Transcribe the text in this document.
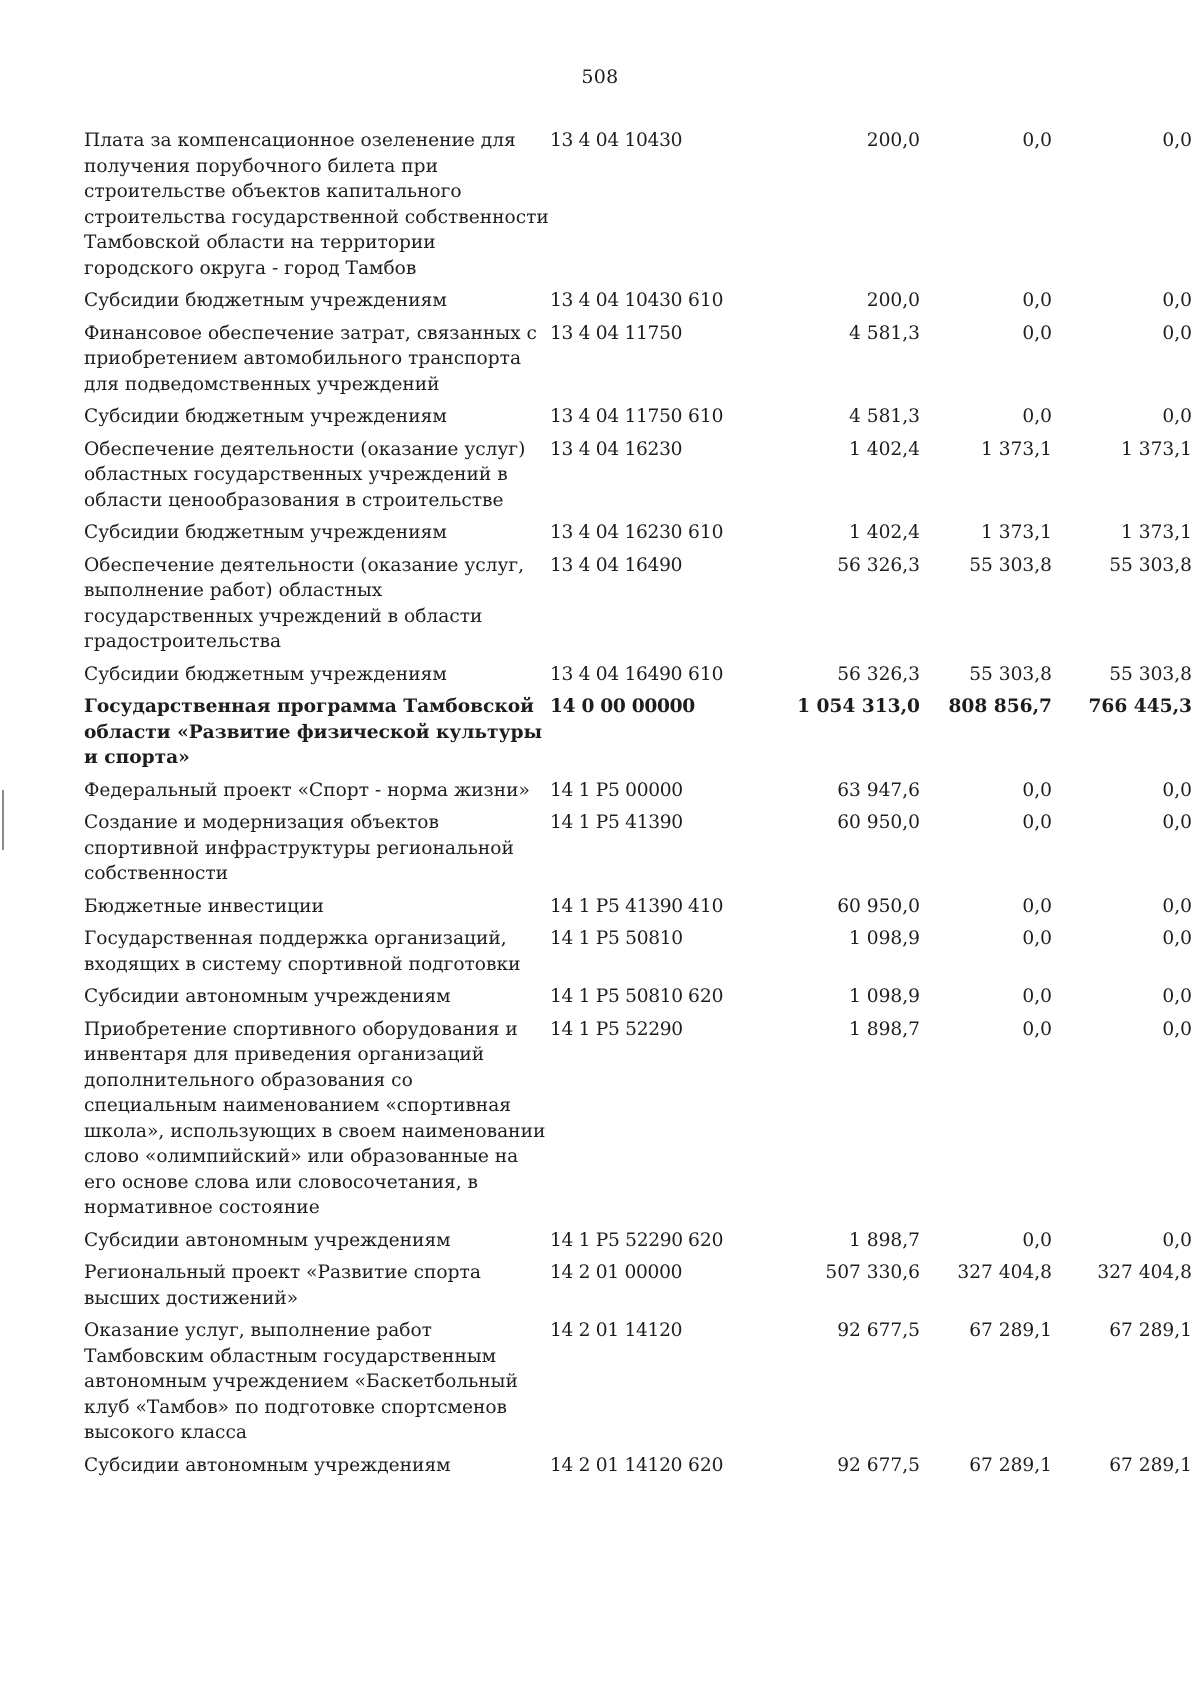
508
Плата за компенсационное озеленение для получения порубочного билета при строительстве объектов капитального строительства государственной собственности Тамбовской области на территории городского округа - город Тамбов	13 4 04 10430		200,0	0,0	0,0
Субсидии бюджетным учреждениям	13 4 04 10430	610	200,0	0,0	0,0
Финансовое обеспечение затрат, связанных с приобретением автомобильного транспорта для подведомственных учреждений	13 4 04 11750		4 581,3	0,0	0,0
Субсидии бюджетным учреждениям	13 4 04 11750	610	4 581,3	0,0	0,0
Обеспечение деятельности (оказание услуг) областных государственных учреждений в области ценообразования в строительстве	13 4 04 16230		1 402,4	1 373,1	1 373,1
Субсидии бюджетным учреждениям	13 4 04 16230	610	1 402,4	1 373,1	1 373,1
Обеспечение деятельности (оказание услуг, выполнение работ) областных государственных учреждений в области градостроительства	13 4 04 16490		56 326,3	55 303,8	55 303,8
Субсидии бюджетным учреждениям	13 4 04 16490	610	56 326,3	55 303,8	55 303,8
Государственная программа Тамбовской области «Развитие физической культуры и спорта»	14 0 00 00000		1 054 313,0	808 856,7	766 445,3
Федеральный проект «Спорт - норма жизни»	14 1 P5 00000		63 947,6	0,0	0,0
Создание и модернизация объектов спортивной инфраструктуры региональной собственности	14 1 P5 41390		60 950,0	0,0	0,0
Бюджетные инвестиции	14 1 P5 41390	410	60 950,0	0,0	0,0
Государственная поддержка организаций, входящих в систему спортивной подготовки	14 1 P5 50810		1 098,9	0,0	0,0
Субсидии автономным учреждениям	14 1 P5 50810	620	1 098,9	0,0	0,0
Приобретение спортивного оборудования и инвентаря для приведения организаций дополнительного образования со специальным наименованием «спортивная школа», использующих в своем наименовании слово «олимпийский» или образованные на его основе слова или словосочетания, в нормативное состояние	14 1 P5 52290		1 898,7	0,0	0,0
Субсидии автономным учреждениям	14 1 P5 52290	620	1 898,7	0,0	0,0
Региональный проект «Развитие спорта высших достижений»	14 2 01 00000		507 330,6	327 404,8	327 404,8
Оказание услуг, выполнение работ Тамбовским областным государственным автономным учреждением «Баскетбольный клуб «Тамбов» по подготовке спортсменов высокого класса	14 2 01 14120		92 677,5	67 289,1	67 289,1
Субсидии автономным учреждениям	14 2 01 14120	620	92 677,5	67 289,1	67 289,1
